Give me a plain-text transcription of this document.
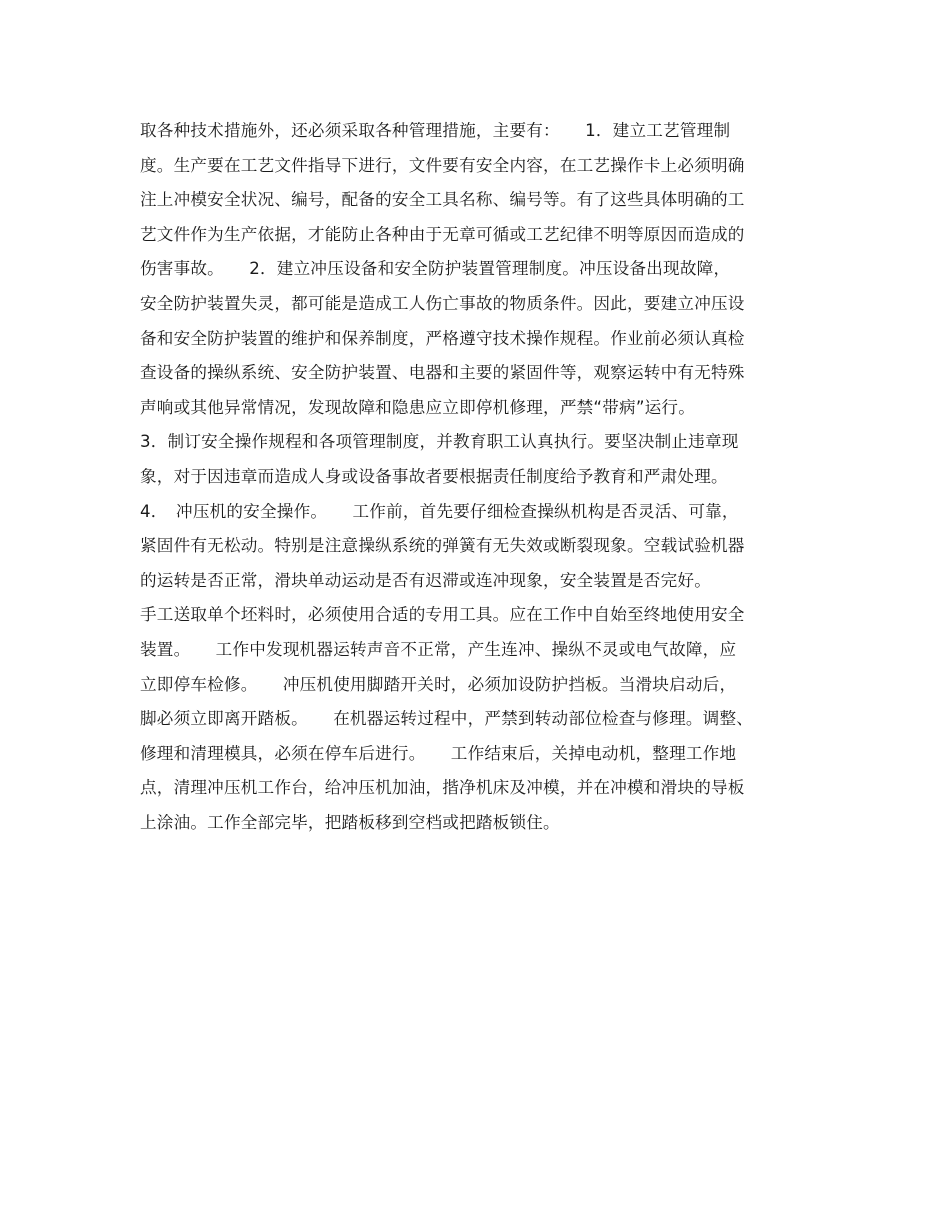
取各种技术措施外，还必须采取各种管理措施，主要有：　　1．建立工艺管理制
度。生产要在工艺文件指导下进行，文件要有安全内容，在工艺操作卡上必须明确
注上冲模安全状况、编号，配备的安全工具名称、编号等。有了这些具体明确的工
艺文件作为生产依据，才能防止各种由于无章可循或工艺纪律不明等原因而造成的
伤害事故。　　2．建立冲压设备和安全防护装置管理制度。冲压设备出现故障，
安全防护装置失灵，都可能是造成工人伤亡事故的物质条件。因此，要建立冲压设
备和安全防护装置的维护和保养制度，严格遵守技术操作规程。作业前必须认真检
查设备的操纵系统、安全防护装置、电器和主要的紧固件等，观察运转中有无特殊
声响或其他异常情况，发现故障和隐患应立即停机修理，严禁“带病”运行。
3．制订安全操作规程和各项管理制度，并教育职工认真执行。要坚决制止违章现
象，对于因违章而造成人身或设备事故者要根据责任制度给予教育和严肃处理。
4．　冲压机的安全操作。　　工作前，首先要仔细检查操纵机构是否灵活、可靠，
紧固件有无松动。特别是注意操纵系统的弹簧有无失效或断裂现象。空载试验机器
的运转是否正常，滑块单动运动是否有迟滞或连冲现象，安全装置是否完好。
手工送取单个坯料时，必须使用合适的专用工具。应在工作中自始至终地使用安全
装置。　　工作中发现机器运转声音不正常，产生连冲、操纵不灵或电气故障，应
立即停车检修。　　冲压机使用脚踏开关时，必须加设防护挡板。当滑块启动后，
脚必须立即离开踏板。　　在机器运转过程中，严禁到转动部位检查与修理。调整、
修理和清理模具，必须在停车后进行。　　工作结束后，关掉电动机，整理工作地
点，清理冲压机工作台，给冲压机加油，揩净机床及冲模，并在冲模和滑块的导板
上涂油。工作全部完毕，把踏板移到空档或把踏板锁住。
